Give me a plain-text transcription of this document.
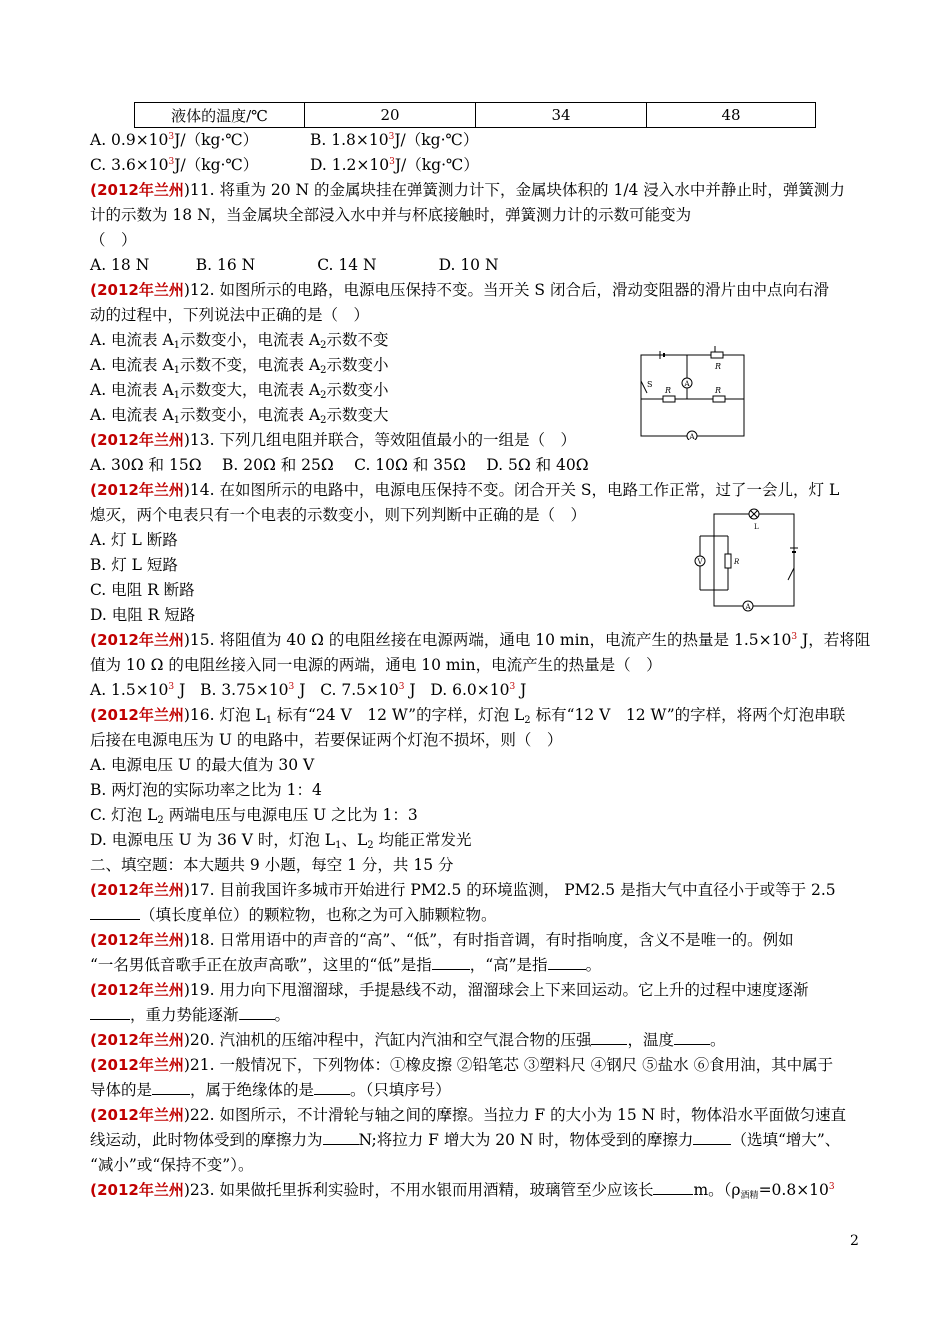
液体的温度/℃	20	34	48
A. $0.9\times 10^3J/(kg\cdot℃)$	B. $1.8\times 10^3J/(kg\cdot℃)$
C. $3.6\times 10^3J/(kg\cdot℃)$	D. $1.2\times 10^3J/(kg\cdot℃)$
(2012年兰州)11. 将重为 20 N 的金属块挂在弹簧测力计下，金属块体积的 1/4 浸入水中并静止时，弹簧测力
计的示数为 18 N，当金属块全部浸入水中并与杯底接触时，弹簧测力计的示数可能变为
（　）
A. 18 N　　　B. 16 N　　　　C. 14 N　　　　D. 10 N
(2012年兰州)12. 如图所示的电路，电源电压保持不变。当开关 S 闭合后，滑动变阻器的滑片由中点向右滑
动的过程中，下列说法中正确的是（　）
A. 电流表 $A_1$示数变小，电流表 $A_2$示数不变
A. 电流表 $A_1$示数不变，电流表 $A_2$示数变小
A. 电流表 $A_1$示数变大，电流表 $A_2$示数变小
A. 电流表 $A_1$示数变小，电流表 $A_2$示数变大
S
R
R	R
A
A
(2012年兰州)13. 下列几组电阻并联合，等效阻值最小的一组是（　）
A. 30Ω 和 15Ω　 B. 20Ω 和 25Ω　 C. 10Ω 和 35Ω　 D. 5Ω 和 40Ω
(2012年兰州)14. 在如图所示的电路中，电源电压保持不变。闭合开关 S，电路工作正常，过了一会儿，灯 L
熄灭，两个电表只有一个电表的示数变小，则下列判断中正确的是（　）
A. 灯 L 断路
B. 灯 L 短路
C. 电阻 R 断路
D. 电阻 R 短路
L
V	R
A
(2012年兰州)15. 将阻值为 40 Ω 的电阻丝接在电源两端，通电 10 min，电流产生的热量是 $1.5\times 10^3$ J，若将阻
值为 10 Ω 的电阻丝接入同一电源的两端，通电 10 min，电流产生的热量是（　）
A. $1.5\times 10^3$ J B. $3.75\times 10^3$ J C. $7.5\times 10^3$ J D. $6.0\times 10^3$ J
(2012年兰州)16. 灯泡 $L_1$ 标有“24 V　12 W”的字样，灯泡 $L_2$ 标有“12 V　12 W”的字样，将两个灯泡串联
后接在电源电压为 U 的电路中，若要保证两个灯泡不损坏，则（　）
A. 电源电压 U 的最大值为 30 V
B. 两灯泡的实际功率之比为 1：4
C. 灯泡 $L_2$ 两端电压与电源电压 U 之比为 1：3
D. 电源电压 U 为 36 V 时，灯泡 $L_1$、$L_2$ 均能正常发光
二、填空题：本大题共 9 小题，每空 1 分，共 15 分
(2012年兰州)17. 目前我国许多城市开始进行 PM2.5 的环境监测， PM2.5 是指大气中直径小于或等于 2.5
（填长度单位）的颗粒物，也称之为可入肺颗粒物。
(2012年兰州)18. 日常用语中的声音的“高”、“低”，有时指音调，有时指响度，含义不是唯一的。例如
“一名男低音歌手正在放声高歌”，这里的“低”是指 ，“高”是指 。
(2012年兰州)19. 用力向下甩溜溜球，手提悬线不动，溜溜球会上下来回运动。它上升的过程中速度逐渐
，重力势能逐渐 。
(2012年兰州)20. 汽油机的压缩冲程中，汽缸内汽油和空气混合物的压强 ，温度 。
(2012年兰州)21. 一般情况下，下列物体：①橡皮擦 ②铅笔芯 ③塑料尺 ④钢尺 ⑤盐水 ⑥食用油，其中属于
导体的是 ，属于绝缘体的是 。（只填序号）
(2012年兰州)22. 如图所示，不计滑轮与轴之间的摩擦。当拉力 F 的大小为 15 N 时，物体沿水平面做匀速直
线运动，此时物体受到的摩擦力为 N;将拉力 F 增大为 20 N 时，物体受到的摩擦力 （选填“增大”、
“减小”或“保持不变”）。
(2012年兰州)23. 如果做托里拆利实验时，不用水银而用酒精，玻璃管至少应该长	m。（$\rho_{酒精}=0.8\times 10^3$
2
